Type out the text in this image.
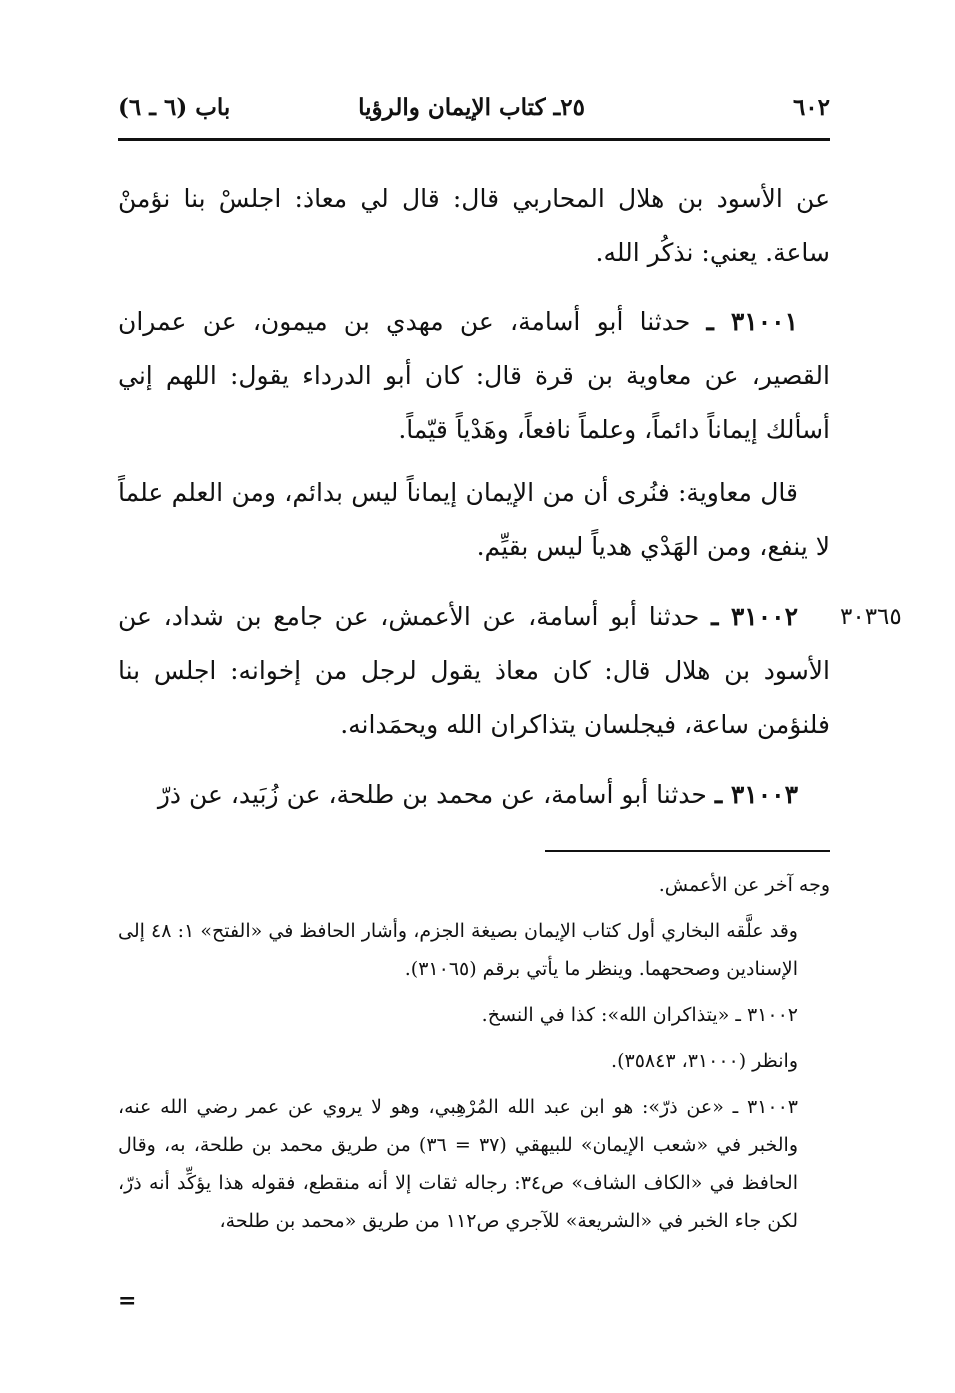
٦٠٢
٢٥ـ كتاب الإيمان والرؤيا
باب (٦ ـ ٦)

عن الأسود بن هلال المحاربي قال: قال لي معاذ: اجلسْ بنا نؤمنْ ساعة. يعني: نذكُر الله.

٣١٠٠١ ـ حدثنا أبو أسامة، عن مهدي بن ميمون، عن عمران القصير، عن معاوية بن قرة قال: كان أبو الدرداء يقول: اللهم إني أسألك إيماناً دائماً، وعلماً نافعاً، وهَدْياً قيّماً.

قال معاوية: فنُرى أن من الإيمان إيماناً ليس بدائم، ومن العلم علماً لا ينفع، ومن الهَدْي هدياً ليس بقيِّم.

٣٠٣٦٥

٣١٠٠٢ ـ حدثنا أبو أسامة، عن الأعمش، عن جامع بن شداد، عن الأسود بن هلال قال: كان معاذ يقول لرجل من إخوانه: اجلس بنا فلنؤمن ساعة، فيجلسان يتذاكران الله ويحمَدانه.

٣١٠٠٣ ـ حدثنا أبو أسامة، عن محمد بن طلحة، عن زُبَيد، عن ذرّ

وجه آخر عن الأعمش.

وقد علَّقه البخاري أول كتاب الإيمان بصيغة الجزم، وأشار الحافظ في «الفتح» ١: ٤٨ إلى الإسنادين وصححهما. وينظر ما يأتي برقم (٣١٠٦٥).

٣١٠٠٢ ـ «يتذاكران الله»: كذا في النسخ.

وانظر (٣١٠٠٠، ٣٥٨٤٣).

٣١٠٠٣ ـ «عن ذرّ»: هو ابن عبد الله المُرْهِبي، وهو لا يروي عن عمر رضي الله عنه، والخبر في «شعب الإيمان» للبيهقي (٣٧ = ٣٦) من طريق محمد بن طلحة، به، وقال الحافظ في «الكاف الشاف» ص٣٤: رجاله ثقات إلا أنه منقطع، فقوله هذا يؤكِّد أنه ذرّ، لكن جاء الخبر في «الشريعة» للآجري ص١١٢ من طريق «محمد بن طلحة،

=
